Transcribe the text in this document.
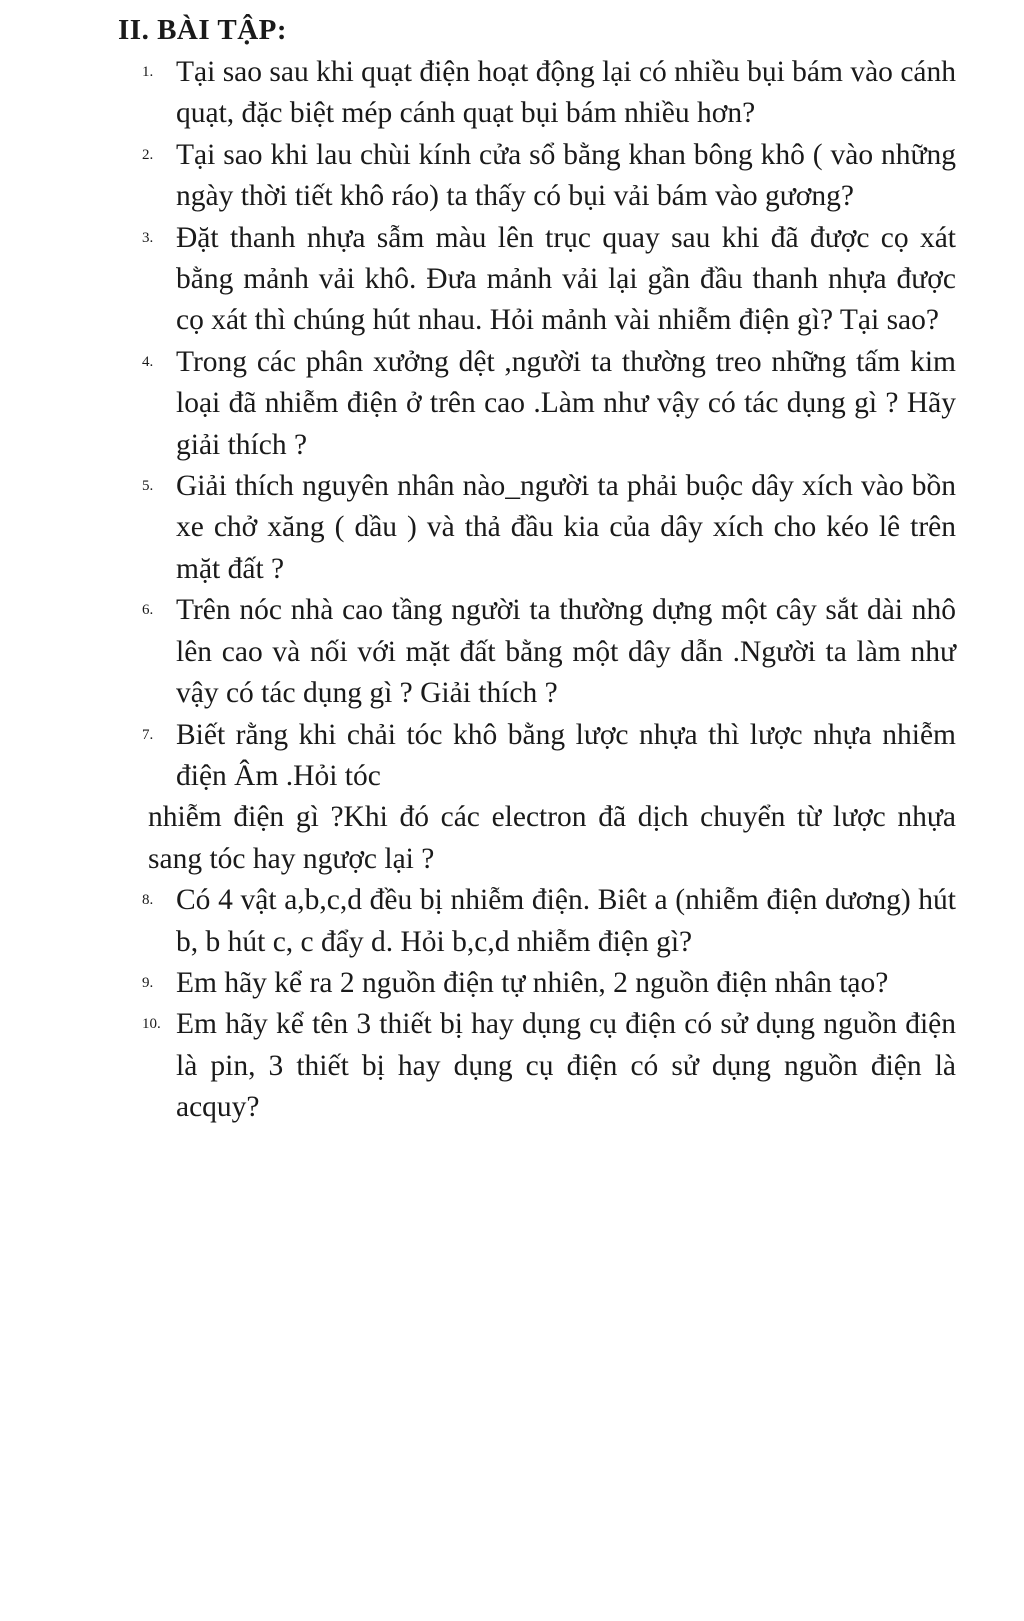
II. BÀI TẬP:
1. Tại sao sau khi quạt điện hoạt động lại có nhiều bụi bám vào cánh quạt, đặc biệt mép cánh quạt bụi bám nhiều hơn?
2. Tại sao khi lau chùi kính cửa sổ bằng khan bông khô ( vào những ngày thời tiết khô ráo) ta thấy có bụi vải bám vào gương?
3. Đặt thanh nhựa sẫm màu lên trục quay sau khi đã được cọ xát bằng mảnh vải khô. Đưa mảnh vải lại gần đầu thanh nhựa được cọ xát thì chúng hút nhau. Hỏi mảnh vài nhiễm điện gì? Tại sao?
4. Trong các phân xưởng dệt ,người ta thường treo những tấm kim loại đã nhiễm điện ở trên cao .Làm như vậy có tác dụng gì ? Hãy giải thích ?
5. Giải thích nguyên nhân nào_người ta phải buộc dây xích vào bồn xe chở xăng ( dầu ) và thả đầu kia của dây xích cho kéo lê trên mặt đất ?
6. Trên nóc nhà cao tầng người ta thường dựng một cây sắt dài nhô lên cao và nối với mặt đất bằng một dây dẫn .Người ta làm như vậy có tác dụng gì ? Giải thích ?
7. Biết rằng khi chải tóc khô bằng lược nhựa thì lược nhựa nhiễm điện Âm .Hỏi tóc
nhiễm điện gì ?Khi đó các electron đã dịch chuyển từ lược nhựa sang tóc hay ngược lại ?
8. Có 4 vật a,b,c,d đều bị nhiễm điện. Biêt a (nhiễm điện dương) hút b, b hút c, c đẩy d. Hỏi b,c,d nhiễm điện gì?
9. Em hãy kể ra 2 nguồn điện tự nhiên, 2 nguồn điện nhân tạo?
10. Em hãy kể tên 3 thiết bị hay dụng cụ điện có sử dụng nguồn điện là pin, 3 thiết bị hay dụng cụ điện có sử dụng nguồn điện là acquy?
